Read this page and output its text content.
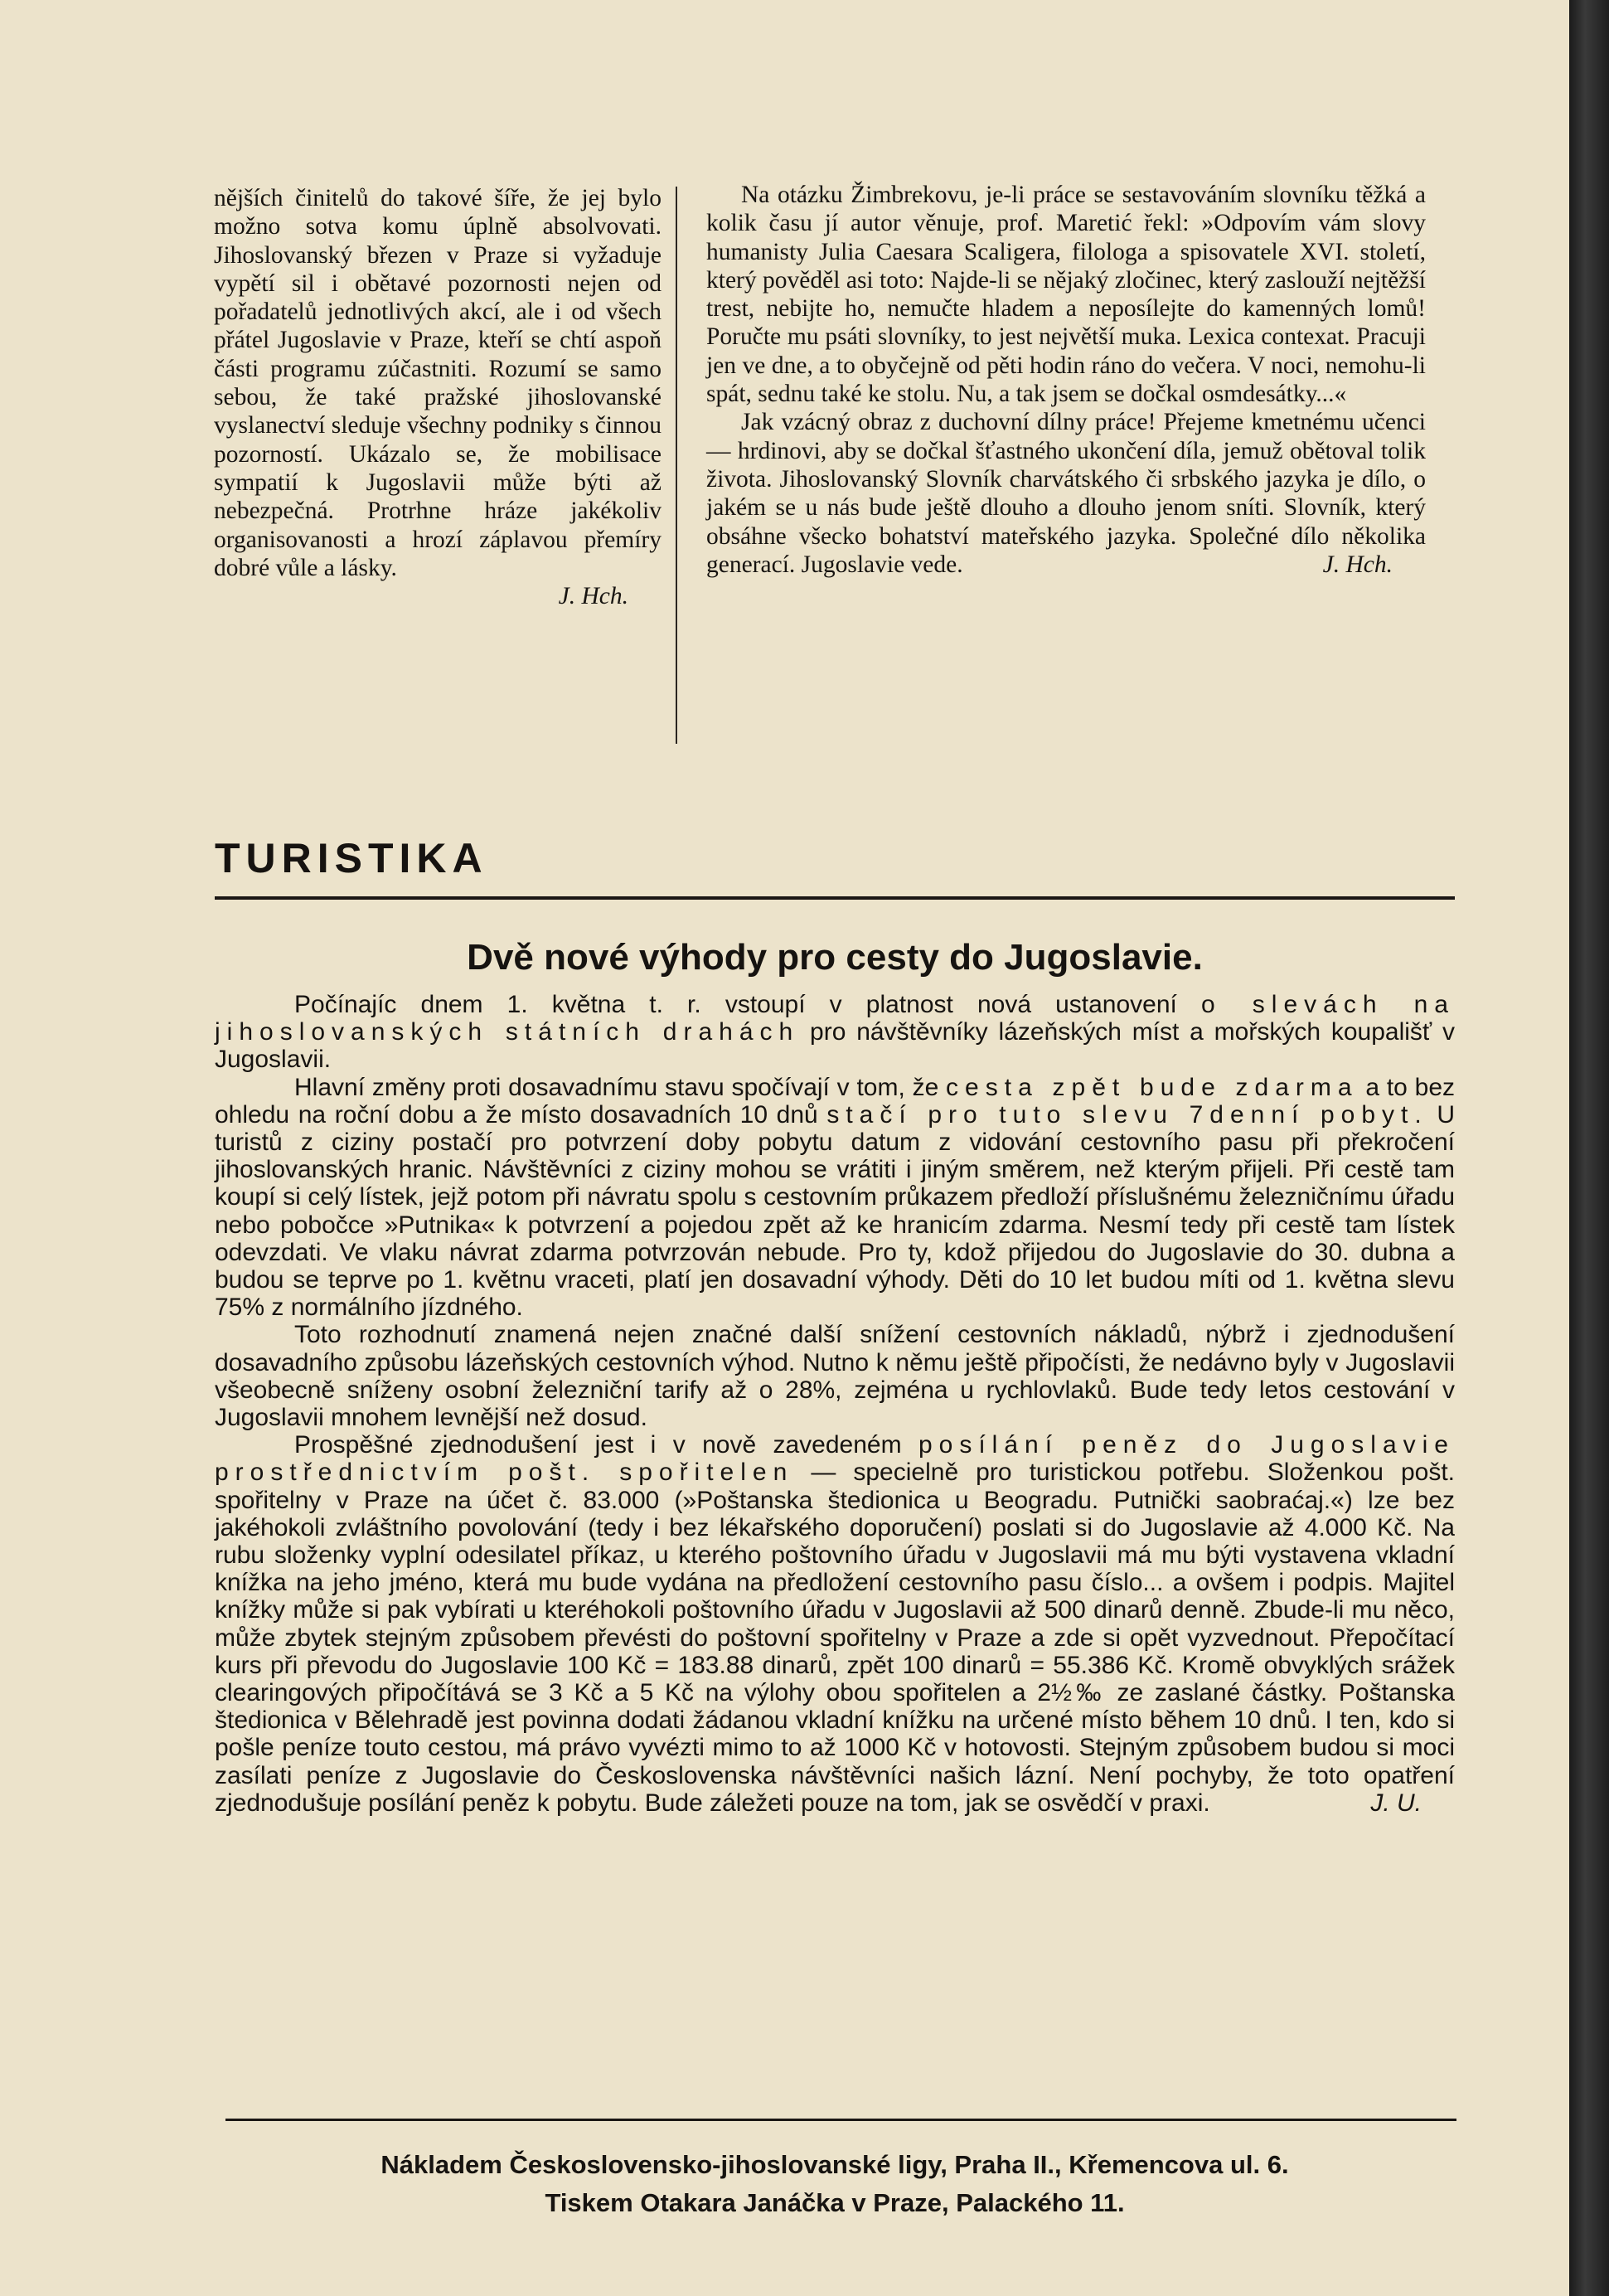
nějších činitelů do takové šíře, že jej bylo možno sotva komu úplně absolvovati. Jihoslovanský březen v Praze si vyžaduje vypětí sil i obětavé pozornosti nejen od pořadatelů jednotlivých akcí, ale i od všech přátel Jugoslavie v Praze, kteří se chtí aspoň části programu zúčastniti. Rozumí se samo sebou, že také pražské jihoslovanské vyslanectví sleduje všechny podniky s činnou pozorností. Ukázalo se, že mobilisace sympatií k Jugoslavii může býti až nebezpečná. Protrhne hráze jakékoliv organisovanosti a hrozí záplavou přemíry dobré vůle a lásky.

J. Hch.

Na otázku Žimbrekovu, je-li práce se sestavováním slovníku těžká a kolik času jí autor věnuje, prof. Maretić řekl: »Odpovím vám slovy humanisty Julia Caesara Scaligera, filologa a spisovatele XVI. století, který pověděl asi toto: Najde-li se nějaký zločinec, který zaslouží nejtěžší trest, nebijte ho, nemučte hladem a neposílejte do kamenných lomů! Poručte mu psáti slovníky, to jest největší muka. Lexica contexat. Pracuji jen ve dne, a to obyčejně od pěti hodin ráno do večera. V noci, nemohu-li spát, sednu také ke stolu. Nu, a tak jsem se dočkal osmdesátky...«

Jak vzácný obraz z duchovní dílny práce! Přejeme kmetnému učenci — hrdinovi, aby se dočkal šťastného ukončení díla, jemuž obětoval tolik života. Jihoslovanský Slovník charvátského či srbského jazyka je dílo, o jakém se u nás bude ještě dlouho a dlouho jenom sníti. Slovník, který obsáhne všecko bohatství mateřského jazyka. Společné dílo několika generací. Jugoslavie vede.	J. Hch.

TURISTIKA
Dvě nové výhody pro cesty do Jugoslavie.

Počínajíc dnem 1. května t. r. vstoupí v platnost nová ustanovení o slevách na jihoslovanských státních drahách pro návštěvníky lázeňských míst a mořských koupališť v Jugoslavii.

Hlavní změny proti dosavadnímu stavu spočívají v tom, že cesta zpět bude zdarma a to bez ohledu na roční dobu a že místo dosavadních 10 dnů stačí pro tuto slevu 7denní pobyt. U turistů z ciziny postačí pro potvrzení doby pobytu datum z vidování cestovního pasu při překročení jihoslovanských hranic. Návštěvníci z ciziny mohou se vrátiti i jiným směrem, než kterým přijeli. Při cestě tam koupí si celý lístek, jejž potom při návratu spolu s cestovním průkazem předloží příslušnému železničnímu úřadu nebo pobočce »Putnika« k potvrzení a pojedou zpět až ke hranicím zdarma. Nesmí tedy při cestě tam lístek odevzdati. Ve vlaku návrat zdarma potvrzován nebude. Pro ty, kdož přijedou do Jugoslavie do 30. dubna a budou se teprve po 1. květnu vraceti, platí jen dosavadní výhody. Děti do 10 let budou míti od 1. května slevu 75% z normálního jízdného.

Toto rozhodnutí znamená nejen značné další snížení cestovních nákladů, nýbrž i zjednodušení dosavadního způsobu lázeňských cestovních výhod. Nutno k němu ještě připočísti, že nedávno byly v Jugoslavii všeobecně sníženy osobní železniční tarify až o 28%, zejména u rychlovlaků. Bude tedy letos cestování v Jugoslavii mnohem levnější než dosud.

Prospěšné zjednodušení jest i v nově zavedeném posílání peněz do Jugoslavie prostřednictvím pošt. spořitelen — specielně pro turistickou potřebu. Složenkou pošt. spořitelny v Praze na účet č. 83.000 (»Poštanska štedionica u Beogradu. Putnički saobraćaj.«) lze bez jakéhokoli zvláštního povolování (tedy i bez lékařského doporučení) poslati si do Jugoslavie až 4.000 Kč. Na rubu složenky vyplní odesilatel příkaz, u kterého poštovního úřadu v Jugoslavii má mu býti vystavena vkladní knížka na jeho jméno, která mu bude vydána na předložení cestovního pasu číslo... a ovšem i podpis. Majitel knížky může si pak vybírati u kteréhokoli poštovního úřadu v Jugoslavii až 500 dinarů denně. Zbude-li mu něco, může zbytek stejným způsobem převésti do poštovní spořitelny v Praze a zde si opět vyzvednout. Přepočítací kurs při převodu do Jugoslavie 100 Kč = 183.88 dinarů, zpět 100 dinarů = 55.386 Kč. Kromě obvyklých srážek clearingových připočítává se 3 Kč a 5 Kč na výlohy obou spořitelen a 2½‰ ze zaslané částky. Poštanska štedionica v Bělehradě jest povinna dodati žádanou vkladní knížku na určené místo během 10 dnů. I ten, kdo si pošle peníze touto cestou, má právo vyvézti mimo to až 1000 Kč v hotovosti. Stejným způsobem budou si moci zasílati peníze z Jugoslavie do Československa návštěvníci našich lázní. Není pochyby, že toto opatření zjednodušuje posílání peněz k pobytu. Bude záležeti pouze na tom, jak se osvědčí v praxi.	J. U.

Nákladem Československo-jihoslovanské ligy, Praha II., Křemencova ul. 6.
Tiskem Otakara Janáčka v Praze, Palackého 11.
